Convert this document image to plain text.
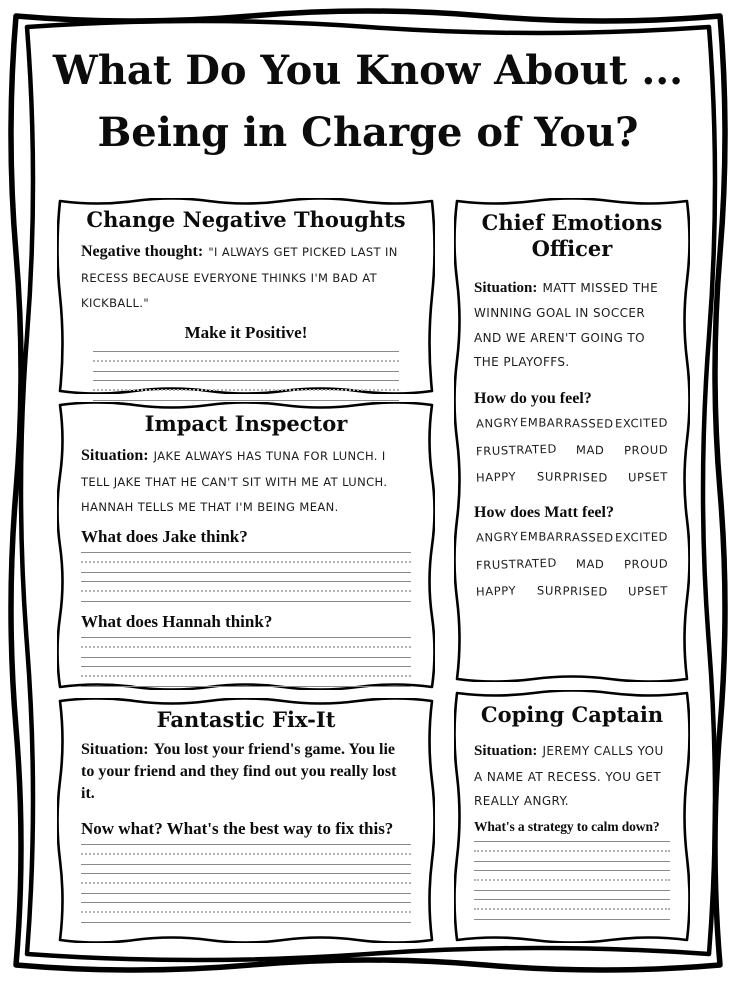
What Do You Know About ...
Being in Charge of You?
Change Negative Thoughts

Negative thought: "I ALWAYS GET PICKED LAST IN RECESS BECAUSE EVERYONE THINKS I'M BAD AT KICKBALL."

Make it Positive!

Impact Inspector

Situation: JAKE ALWAYS HAS TUNA FOR LUNCH. I TELL JAKE THAT HE CAN'T SIT WITH ME AT LUNCH. HANNAH TELLS ME THAT I'M BEING MEAN.

What does Jake think?

What does Hannah think?

Chief Emotions Officer

Situation: MATT MISSED THE WINNING GOAL IN SOCCER AND WE AREN'T GOING TO THE PLAYOFFS.

How do you feel?

ANGRY EMBARRASSED EXCITED
FRUSTRATED MAD PROUD
HAPPY SURPRISED UPSET

How does Matt feel?

ANGRY EMBARRASSED EXCITED
FRUSTRATED MAD PROUD
HAPPY SURPRISED UPSET
Fantastic Fix-It

Situation: You lost your friend's game. You lie to your friend and they find out you really lost it.

Now what? What's the best way to fix this?

Coping Captain

Situation: JEREMY CALLS YOU A NAME AT RECESS. YOU GET REALLY ANGRY.

What's a strategy to calm down?
